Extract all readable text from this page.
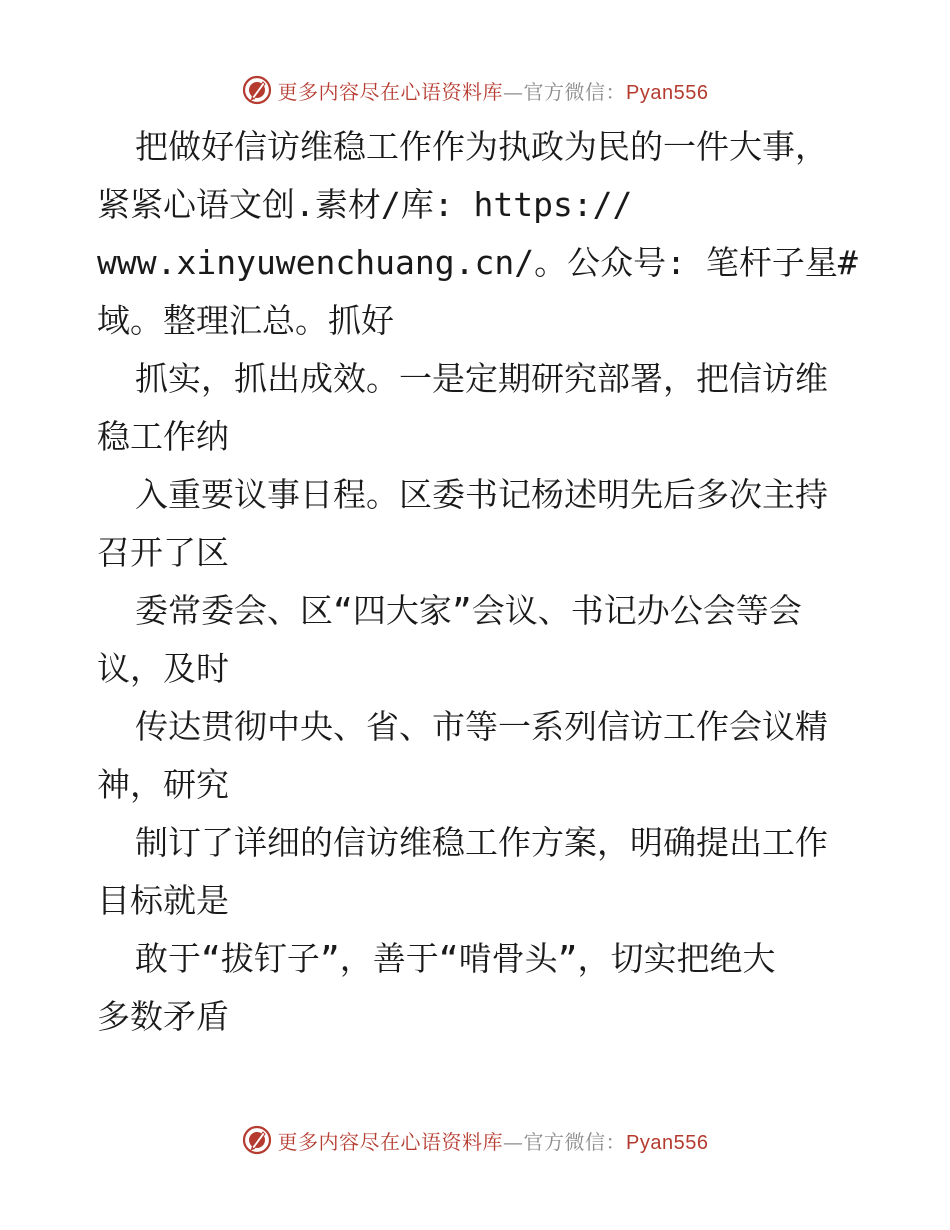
更多内容尽在心语资料库—官方微信：Pyan556
把做好信访维稳工作作为执政为民的一件大事，
紧紧心语文创.素材/库: https://
www.xinyuwenchuang.cn/。公众号: 笔杆子星#
域。整理汇总。抓好
抓实，抓出成效。一是定期研究部署，把信访维
稳工作纳
入重要议事日程。区委书记杨述明先后多次主持
召开了区
委常委会、区“四大家”会议、书记办公会等会
议，及时
传达贯彻中央、省、市等一系列信访工作会议精
神，研究
制订了详细的信访维稳工作方案，明确提出工作
目标就是
敢于“拔钉子”，善于“啃骨头”，切实把绝大
多数矛盾
更多内容尽在心语资料库—官方微信：Pyan556
